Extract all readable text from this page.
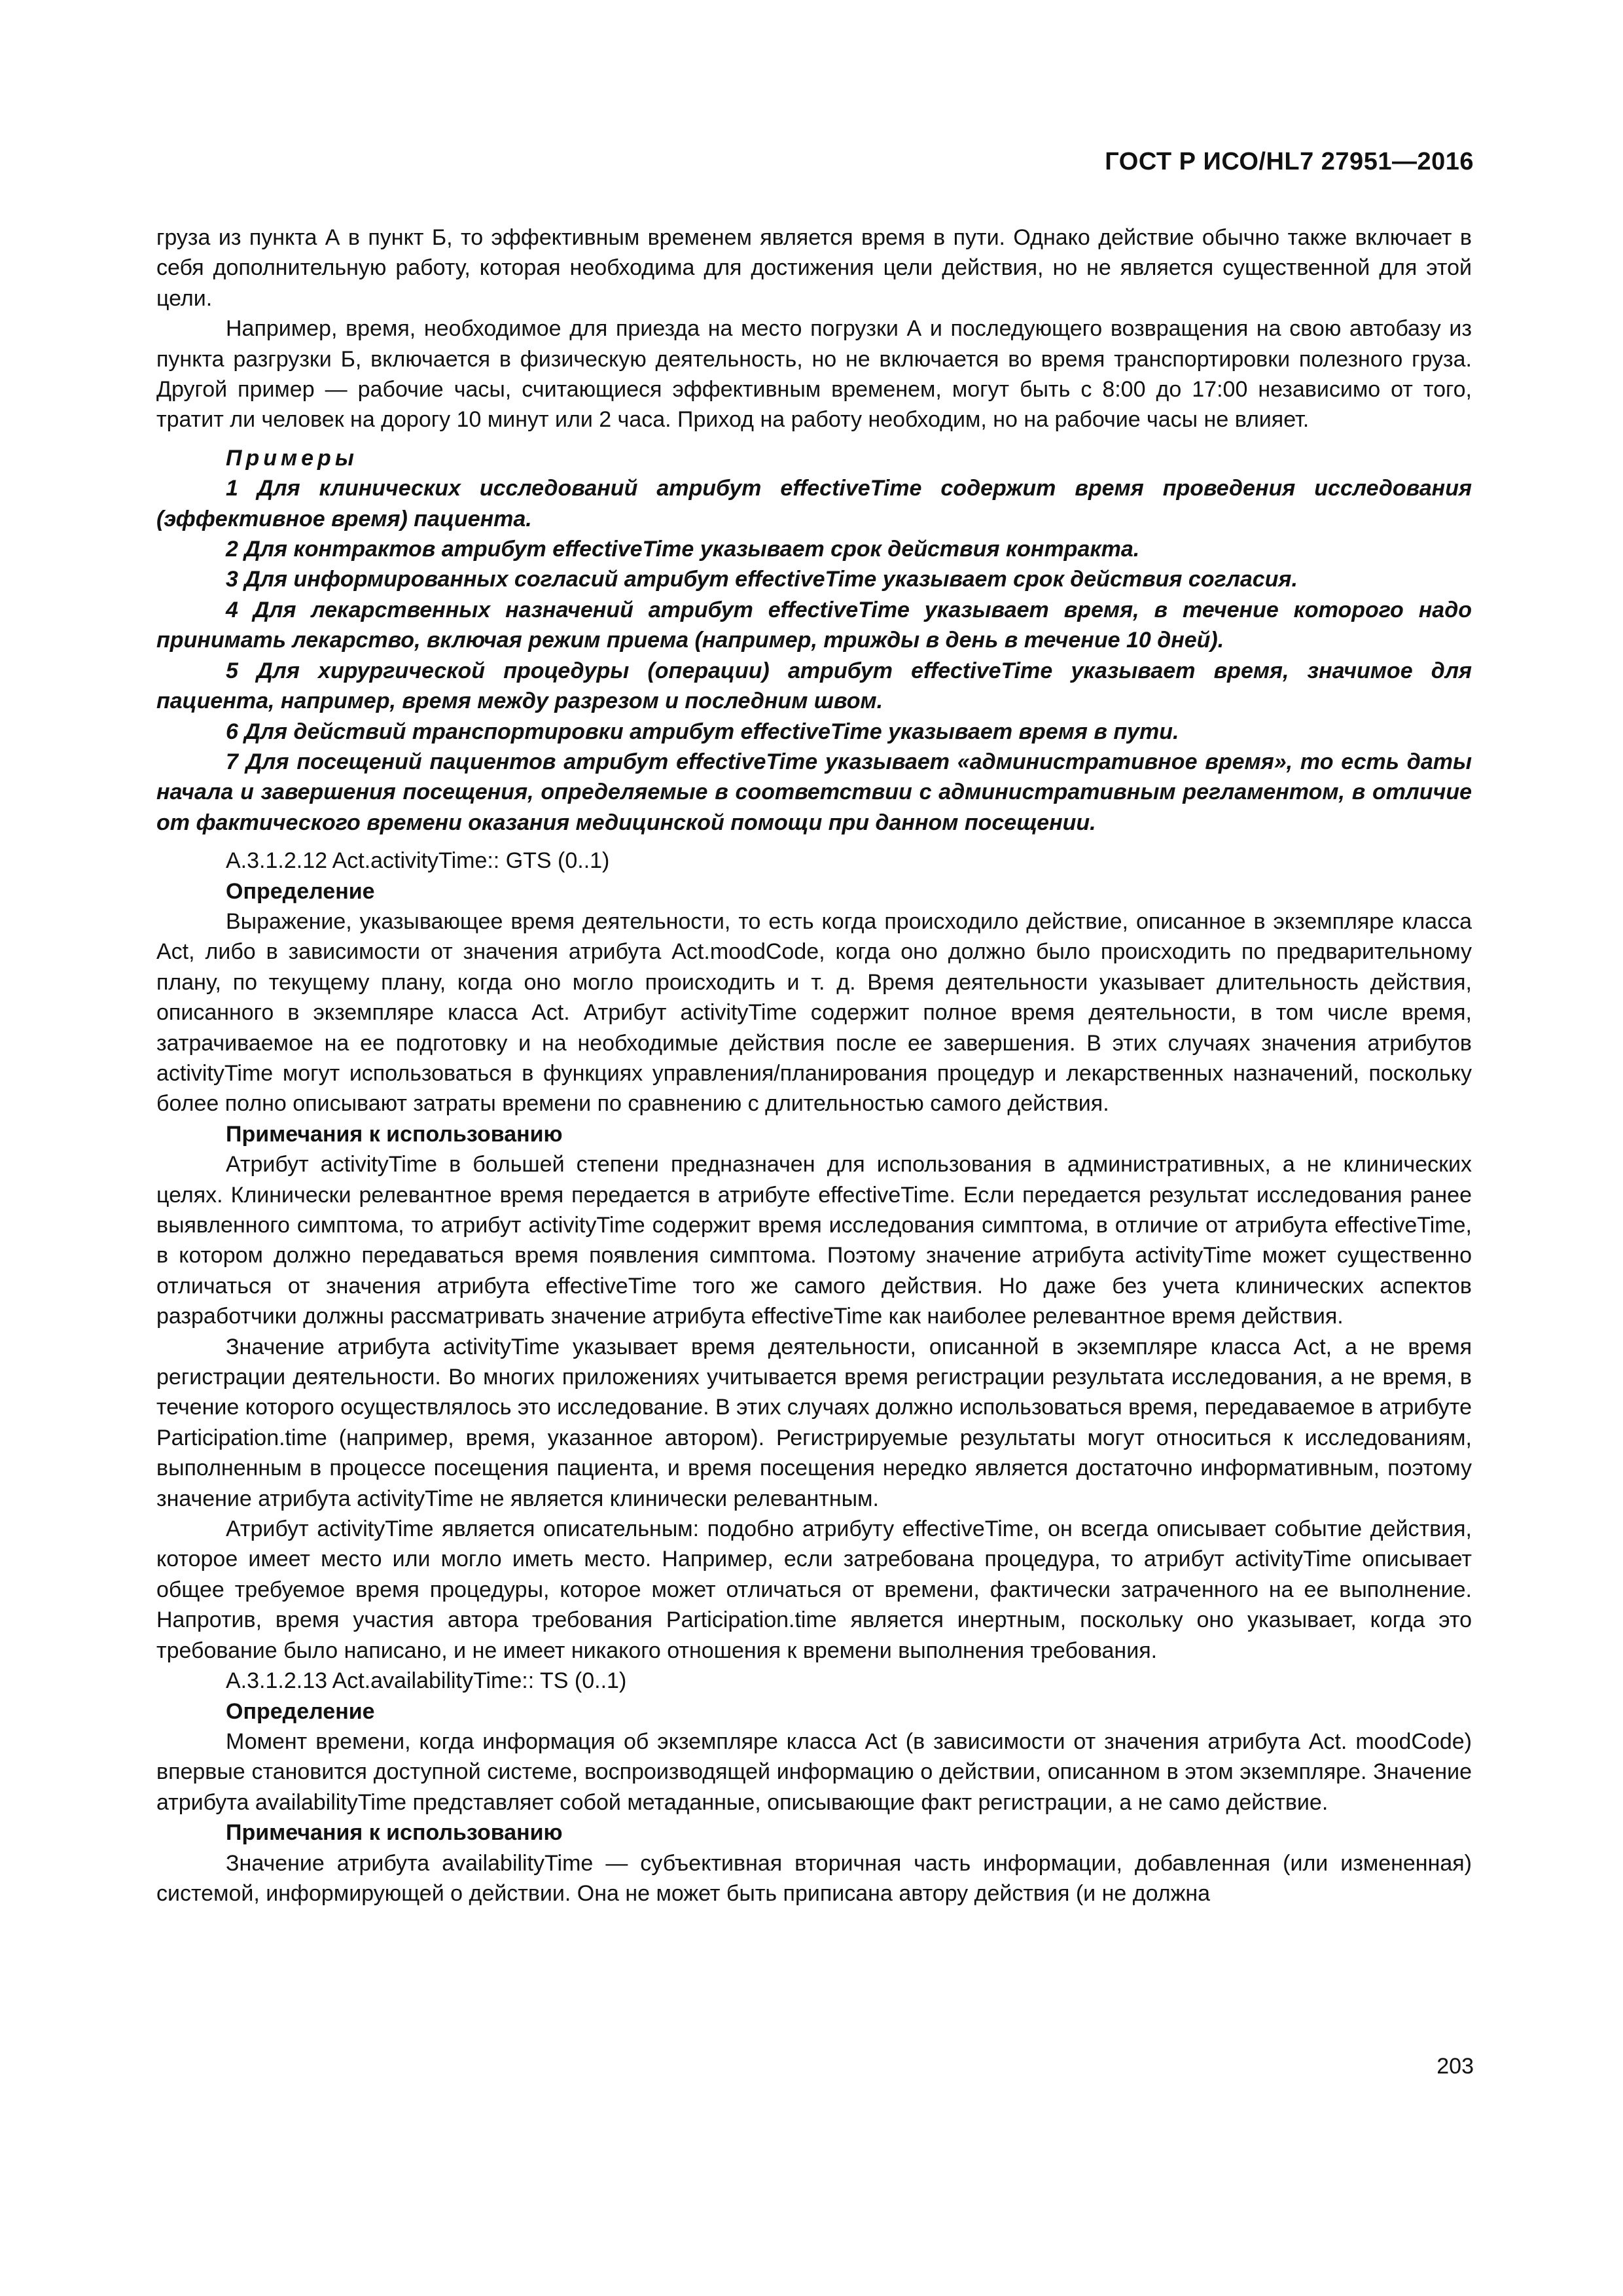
ГОСТ Р ИСО/HL7 27951—2016

груза из пункта А в пункт Б, то эффективным временем является время в пути. Однако действие обычно также включает в себя дополнительную работу, которая необходима для достижения цели действия, но не является существенной для этой цели.

Например, время, необходимое для приезда на место погрузки А и последующего возвращения на свою автобазу из пункта разгрузки Б, включается в физическую деятельность, но не включается во время транспортировки полезного груза. Другой пример — рабочие часы, считающиеся эффективным временем, могут быть с 8:00 до 17:00 независимо от того, тратит ли человек на дорогу 10 минут или 2 часа. Приход на работу необходим, но на рабочие часы не влияет.

Примеры

1 Для клинических исследований атрибут effectiveTime содержит время проведения исследования (эффективное время) пациента.

2 Для контрактов атрибут effectiveTime указывает срок действия контракта.

3 Для информированных согласий атрибут effectiveTime указывает срок действия согласия.

4 Для лекарственных назначений атрибут effectiveTime указывает время, в течение которого надо принимать лекарство, включая режим приема (например, трижды в день в течение 10 дней).

5 Для хирургической процедуры (операции) атрибут effectiveTime указывает время, значимое для пациента, например, время между разрезом и последним швом.

6 Для действий транспортировки атрибут effectiveTime указывает время в пути.

7 Для посещений пациентов атрибут effectiveTime указывает «административное время», то есть даты начала и завершения посещения, определяемые в соответствии с административным регламентом, в отличие от фактического времени оказания медицинской помощи при данном посещении.

A.3.1.2.12 Act.activityTime:: GTS (0..1)

Определение

Выражение, указывающее время деятельности, то есть когда происходило действие, описанное в экземпляре класса Act, либо в зависимости от значения атрибута Act.moodCode, когда оно должно было происходить по предварительному плану, по текущему плану, когда оно могло происходить и т. д. Время деятельности указывает длительность действия, описанного в экземпляре класса Act. Атрибут activityTime содержит полное время деятельности, в том числе время, затрачиваемое на ее подготовку и на необходимые действия после ее завершения. В этих случаях значения атрибутов activityTime могут использоваться в функциях управления/планирования процедур и лекарственных назначений, поскольку более полно описывают затраты времени по сравнению с длительностью самого действия.

Примечания к использованию

Атрибут activityTime в большей степени предназначен для использования в административных, а не клинических целях. Клинически релевантное время передается в атрибуте effectiveTime. Если передается результат исследования ранее выявленного симптома, то атрибут activityTime содержит время исследования симптома, в отличие от атрибута effectiveTime, в котором должно передаваться время появления симптома. Поэтому значение атрибута activityTime может существенно отличаться от значения атрибута effectiveTime того же самого действия. Но даже без учета клинических аспектов разработчики должны рассматривать значение атрибута effectiveTime как наиболее релевантное время действия.

Значение атрибута activityTime указывает время деятельности, описанной в экземпляре класса Act, а не время регистрации деятельности. Во многих приложениях учитывается время регистрации результата исследования, а не время, в течение которого осуществлялось это исследование. В этих случаях должно использоваться время, передаваемое в атрибуте Participation.time (например, время, указанное автором). Регистрируемые результаты могут относиться к исследованиям, выполненным в процессе посещения пациента, и время посещения нередко является достаточно информативным, поэтому значение атрибута activityTime не является клинически релевантным.

Атрибут activityTime является описательным: подобно атрибуту effectiveTime, он всегда описывает событие действия, которое имеет место или могло иметь место. Например, если затребована процедура, то атрибут activityTime описывает общее требуемое время процедуры, которое может отличаться от времени, фактически затраченного на ее выполнение. Напротив, время участия автора требования Participation.time является инертным, поскольку оно указывает, когда это требование было написано, и не имеет никакого отношения к времени выполнения требования.

A.3.1.2.13 Act.availabilityTime:: TS (0..1)

Определение

Момент времени, когда информация об экземпляре класса Act (в зависимости от значения атрибута Act. moodCode) впервые становится доступной системе, воспроизводящей информацию о действии, описанном в этом экземпляре. Значение атрибута availabilityTime представляет собой метаданные, описывающие факт регистрации, а не само действие.

Примечания к использованию

Значение атрибута availabilityTime — субъективная вторичная часть информации, добавленная (или измененная) системой, информирующей о действии. Она не может быть приписана автору действия (и не должна

203
